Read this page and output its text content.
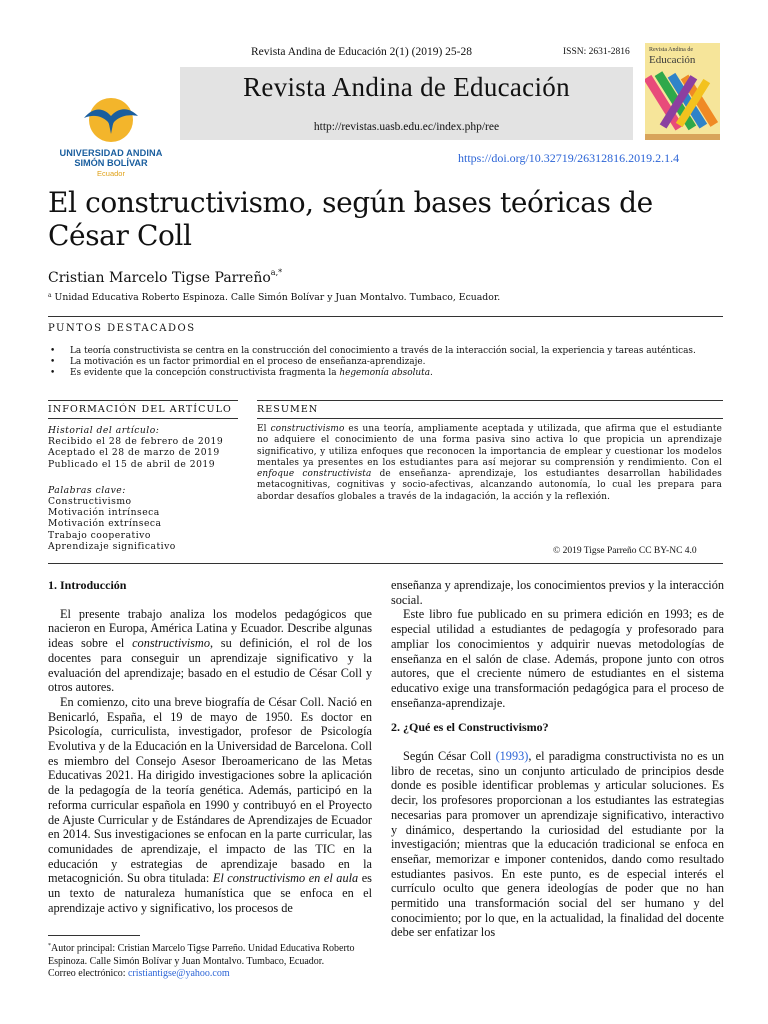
Revista Andina de Educación 2(1) (2019) 25-28	ISSN: 2631-2816
UNIVERSIDAD ANDINA
SIMÓN BOLÍVAR
Ecuador
Revista Andina de Educación
http://revistas.uasb.edu.ec/index.php/ree
Revista Andina de
Educación
https://doi.org/10.32719/26312816.2019.2.1.4
El constructivismo, según bases teóricas de César Coll
Cristian Marcelo Tigse Parreño$^{a,*}$
$^a$ Unidad Educativa Roberto Espinoza. Calle Simón Bolívar y Juan Montalvo. Tumbaco, Ecuador.
PUNTOS DESTACADOS
• La teoría constructivista se centra en la construcción del conocimiento a través de la interacción social, la experiencia y tareas auténticas.
• La motivación es un factor primordial en el proceso de enseñanza-aprendizaje.
• Es evidente que la concepción constructivista fragmenta la hegemonía absoluta.
INFORMACIÓN DEL ARTÍCULO	RESUMEN
Historial del artículo:
Recibido el 28 de febrero de 2019
Aceptado el 28 de marzo de 2019
Publicado el 15 de abril de 2019
Palabras clave:
Constructivismo
Motivación intrínseca
Motivación extrínseca
Trabajo cooperativo
Aprendizaje significativo
El constructivismo es una teoría, ampliamente aceptada y utilizada, que afirma que el estudiante no adquiere el conocimiento de una forma pasiva sino activa lo que propicia un aprendizaje significativo, y utiliza enfoques que reconocen la importancia de emplear y cuestionar los modelos mentales ya presentes en los estudiantes para así mejorar su comprensión y rendimiento. Con el enfoque constructivista de enseñanza- aprendizaje, los estudiantes desarrollan habilidades metacognitivas, cognitivas y socio-afectivas, alcanzando autonomía, lo cual les prepara para abordar desafíos globales a través de la indagación, la acción y la reflexión.
© 2019 Tigse Parreño CC BY-NC 4.0
1. Introducción

El presente trabajo analiza los modelos pedagógicos que nacieron en Europa, América Latina y Ecuador. Describe algunas ideas sobre el constructivismo, su definición, el rol de los docentes para conseguir un aprendizaje significativo y la evaluación del aprendizaje; basado en el estudio de César Coll y otros autores.

En comienzo, cito una breve biografía de César Coll. Nació en Benicarló, España, el 19 de mayo de 1950. Es doctor en Psicología, curriculista, investigador, profesor de Psicología Evolutiva y de la Educación en la Universidad de Barcelona. Coll es miembro del Consejo Asesor Iberoamericano de las Metas Educativas 2021. Ha dirigido investigaciones sobre la aplicación de la pedagogía de la teoría genética. Además, participó en la reforma curricular española en 1990 y contribuyó en el Proyecto de Ajuste Curricular y de Estándares de Aprendizajes de Ecuador en 2014. Sus investigaciones se enfocan en la parte curricular, las comunidades de aprendizaje, el impacto de las TIC en la educación y estrategias de aprendizaje basado en la metacognición. Su obra titulada: El constructivismo en el aula es un texto de naturaleza humanística que se enfoca en el aprendizaje activo y significativo, los procesos de

enseñanza y aprendizaje, los conocimientos previos y la interacción social.

Este libro fue publicado en su primera edición en 1993; es de especial utilidad a estudiantes de pedagogía y profesorado para ampliar los conocimientos y adquirir nuevas metodologías de enseñanza en el salón de clase. Además, propone junto con otros autores, que el creciente número de estudiantes en el sistema educativo exige una transformación pedagógica para el proceso de enseñanza-aprendizaje.

2. ¿Qué es el Constructivismo?

Según César Coll (1993), el paradigma constructivista no es un libro de recetas, sino un conjunto articulado de principios desde donde es posible identificar problemas y articular soluciones. Es decir, los profesores proporcionan a los estudiantes las estrategias necesarias para promover un aprendizaje significativo, interactivo y dinámico, despertando la curiosidad del estudiante por la investigación; mientras que la educación tradicional se enfoca en enseñar, memorizar e imponer contenidos, dando como resultado estudiantes pasivos. En este punto, es de especial interés el currículo oculto que genera ideologías de poder que no han permitido una transformación social del ser humano y del conocimiento; por lo que, en la actualidad, la finalidad del docente debe ser enfatizar los

*Autor principal: Cristian Marcelo Tigse Parreño. Unidad Educativa Roberto Espinoza. Calle Simón Bolívar y Juan Montalvo. Tumbaco, Ecuador.
Correo electrónico: cristiantigse@yahoo.com
